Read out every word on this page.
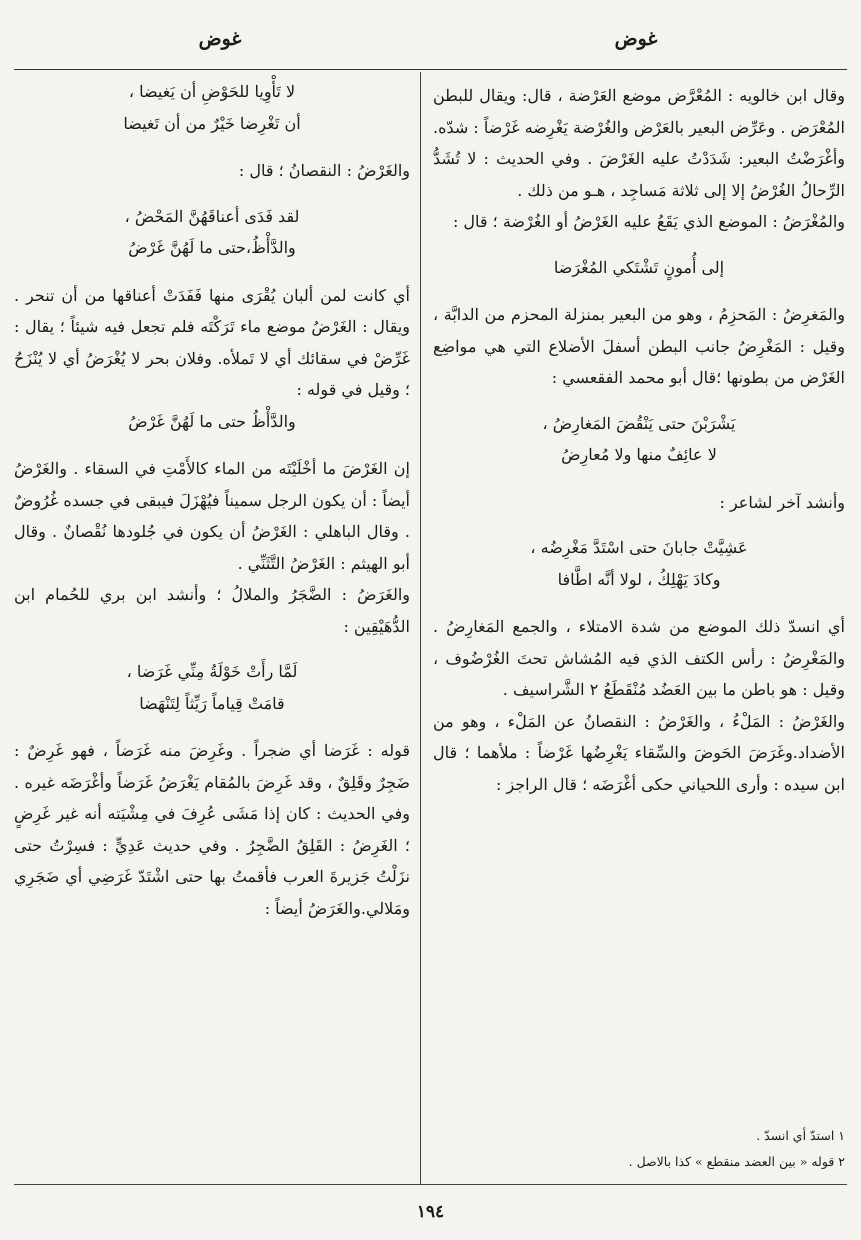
غوض
غوض

وقال ابن خالويه : المُعْرَّض موضع العَرْضة ، قال: ويقال للبطن المُعْرَض . وعَرِّض البعير بالعَرْض والغُرْضة يَغْرِضه غَرْضاً : شدّه. وأغْرَضْتُ البعير: شَدَدْتُ عليه الغَرْضَ . وفي الحديث : لا تُشَدُّ الرِّحالُ الغُرْضُ إلا إلى ثلاثة مَساجِد ، هـو من ذلك .

والمُغْرَضُ : الموضع الذي يَقَعُ عليه الغَرْضُ أو الغُرْضة ؛ قال :

إلى أُمونٍ تَشْتَكي المُغْرَضا

والمَغرِضُ : المَحزِمُ ، وهو من البعير بمنزلة المحزم من الدابَّة ، وقيل : المَغْرِضُ جانب البطن أسفلَ الأضلاع التي هي مواضِع الغَرْض من بطونها ؛قال أبو محمد الفقعسي :

يَشْرَبْنَ حتى يَنْقُضَ المَغارِضُ ،

لا عائِفٌ منها ولا مُعارِضُ

وأنشد آخر لشاعر :

عَشِيَّتْ جابانَ حتى اسْتَدَّ مَغْرِضُه ،

وكادَ يَهْلِكُ ، لولا أنَّه اطَّافا

أي انسدّ ذلك الموضع من شدة الامتلاء ، والجمع المَغارِضُ . والمَغْرِضُ : رأس الكتف الذي فيه المُشاش تحتَ الغُرْضُوف ، وقيل : هو باطن ما بين العَضُد مُنْقَطَعُ ٢ الشَّراسيف .

والغَرْضُ : المَلْءُ ، والغَرْضُ : النقصانُ عن المَلْء ، وهو من الأضداد.وغَرَضَ الحَوضَ والسِّقاء يَغْرِضُها غَرْضاً : ملأهما ؛ قال ابن سيده : وأرى اللحياني حكى أغْرَضَه ؛ قال الراجز :

لا تَأْوِيا للحَوْضِ أن يَغيضا ،

أن تَغْرِضا خَيْرٌ من أن تَغيضا

والغَرْضُ : النقصانُ ؛ قال :

لقد فَدَى أعناقَهُنَّ المَحْضُ ،

والدَّأْظُ،حتى ما لَهُنَّ غَرْضُ

أي كانت لمن ألبان يُقْرَى منها فَفَدَتْ أعناقها من أن تنحر . ويقال : الغَرْضُ موضع ماء تَرَكْتَه فلم تجعل فيه شيئاً ؛ يقال : غَرِّضْ في سقائك أي لا تَملأه. وفلان بحر لا يُغْرَضُ أي لا يُنْزَحُ ؛ وقيل في قوله :

والدَّأْظُ حتى ما لَهُنَّ غَرْضُ

إن الغَرْضَ ما أخْلَيْتَه من الماء كالأَمْتِ في السقاء . والغَرْضُ أيضاً : أن يكون الرجل سميناً فيُهْزَلَ فيبقى في جسده غُرُوضٌ . وقال الباهلي : الغَرْضُ أن يكون في جُلودها نُقْصانٌ . وقال أبو الهيثم : الغَرْضُ التَّثَنِّي .

والغَرَضُ : الضَّجَرُ والملالُ ؛ وأنشد ابن بري للحُمام ابن الدُّهَيْقِين :

لَمَّا رأَتْ خَوْلَةُ مِنِّي غَرَضا ،

قامَتْ قِياماً رَيِّثاً لِتَنْهَضا

قوله : غَرَضا أي ضجراً . وغَرِضَ منه غَرَضاً ، فهو غَرِضٌ : ضَجِرٌ وقَلِقٌ ، وقد غَرِضَ بالمُقام يَغْرَضُ غَرَضاً وأغْرَضَه غيره . وفي الحديث : كان إذا مَشَى عُرِفَ في مِشْيَته أنه غير غَرِضٍ ؛ الغَرِضُ : القَلِقُ الضَّجِرُ . وفي حديث عَدِيٍّ : فسِرْتُ حتى نزَلْتُ جَزيرةَ العرب فأقمتُ بها حتى اشْتَدّ غَرَضِي أي ضَجَرِي ومَلالي.والغَرَضُ أيضاً :

١ استدّ أي انسدّ .

٢ قوله « بين العضد منقطع » كذا بالاصل .

١٩٤
